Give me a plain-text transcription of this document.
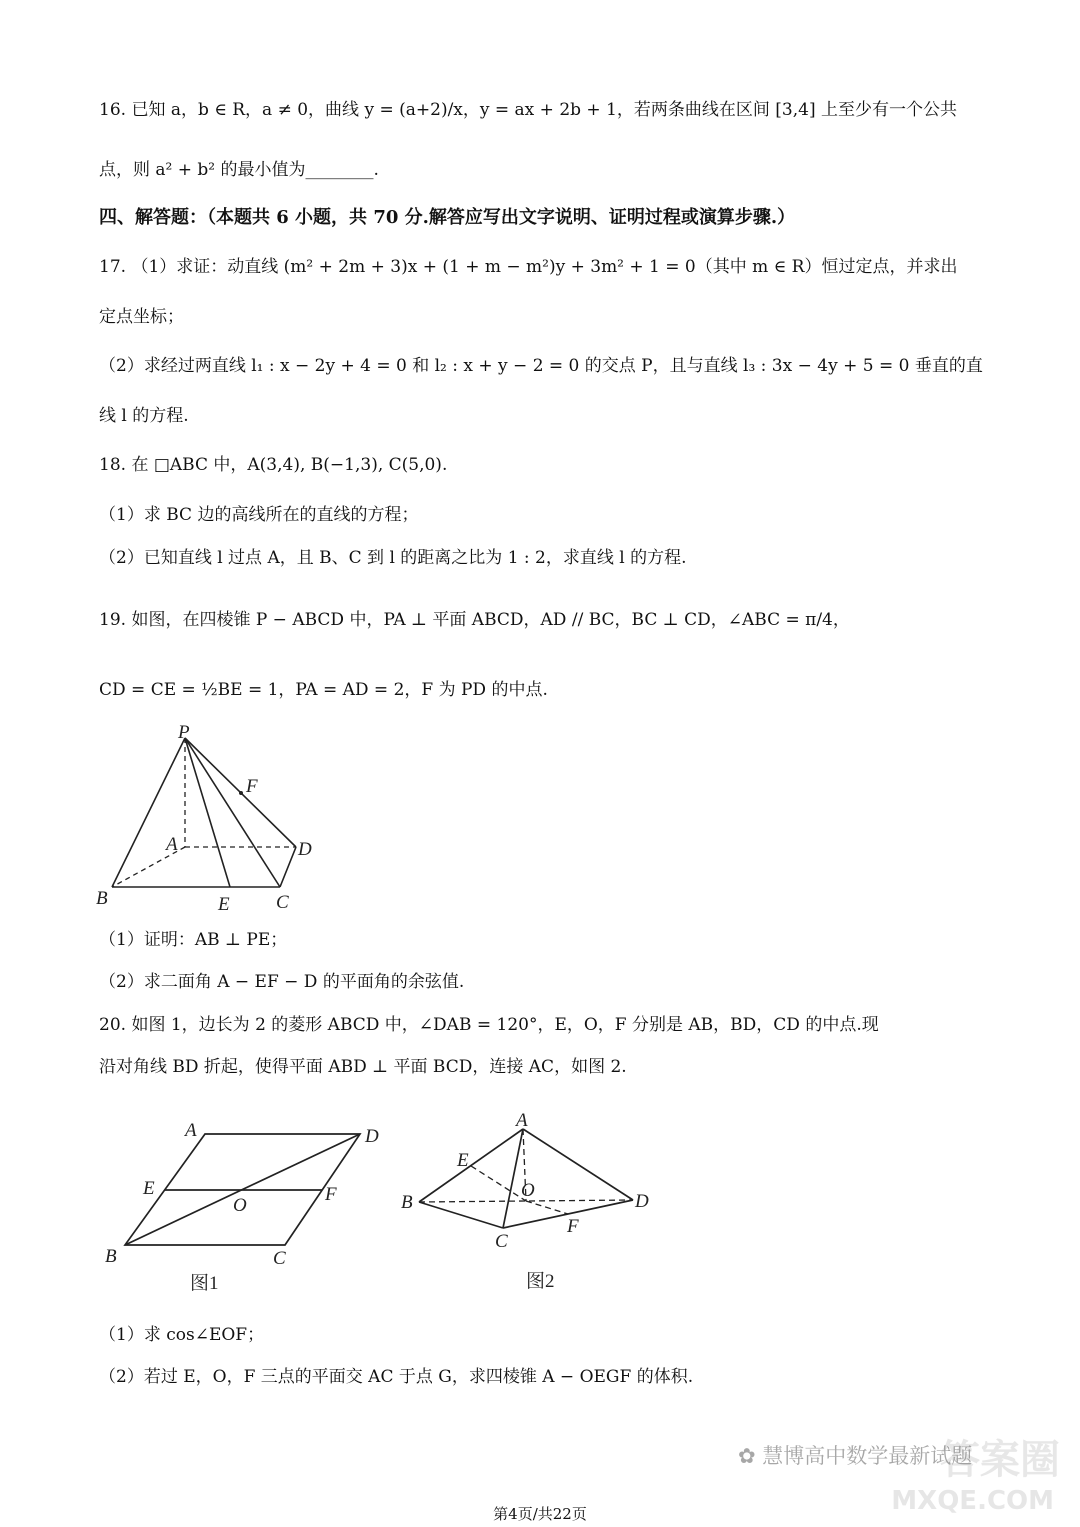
16. 已知 a，b ∈ R，a ≠ 0，曲线 y = (a+2)/x，y = ax + 2b + 1，若两条曲线在区间 [3,4] 上至少有一个公共
点，则 a² + b² 的最小值为________.
四、解答题：（本题共 6 小题，共 70 分.解答应写出文字说明、证明过程或演算步骤.）
17. （1）求证：动直线 (m² + 2m + 3)x + (1 + m − m²)y + 3m² + 1 = 0（其中 m ∈ R）恒过定点，并求出
定点坐标；
（2）求经过两直线 l₁ : x − 2y + 4 = 0 和 l₂ : x + y − 2 = 0 的交点 P，且与直线 l₃ : 3x − 4y + 5 = 0 垂直的直
线 l 的方程.
18. 在 □ABC 中，A(3,4), B(−1,3), C(5,0).
（1）求 BC 边的高线所在的直线的方程；
（2）已知直线 l 过点 A，且 B、C 到 l 的距离之比为 1 : 2，求直线 l 的方程.
19. 如图，在四棱锥 P − ABCD 中，PA ⊥ 平面 ABCD，AD // BC，BC ⊥ CD，∠ABC = π/4，
CD = CE = ½BE = 1，PA = AD = 2，F 为 PD 的中点.
P
F
A	D
B	E C
（1）证明：AB ⊥ PE；
（2）求二面角 A − EF − D 的平面角的余弦值.
20. 如图 1，边长为 2 的菱形 ABCD 中，∠DAB = 120°，E，O，F 分别是 AB，BD，CD 的中点.现
沿对角线 BD 折起，使得平面 ABD ⊥ 平面 BCD，连接 AC，如图 2.
A	D
E
O
F
B	C
图1
A
E
B
O
D
C
F
图2
（1）求 cos∠EOF；
（2）若过 E，O，F 三点的平面交 AC 于点 G，求四棱锥 A − OEGF 的体积.
答案圈
✿ 慧博高中数学最新试题
MXQE.COM
第4页/共22页
